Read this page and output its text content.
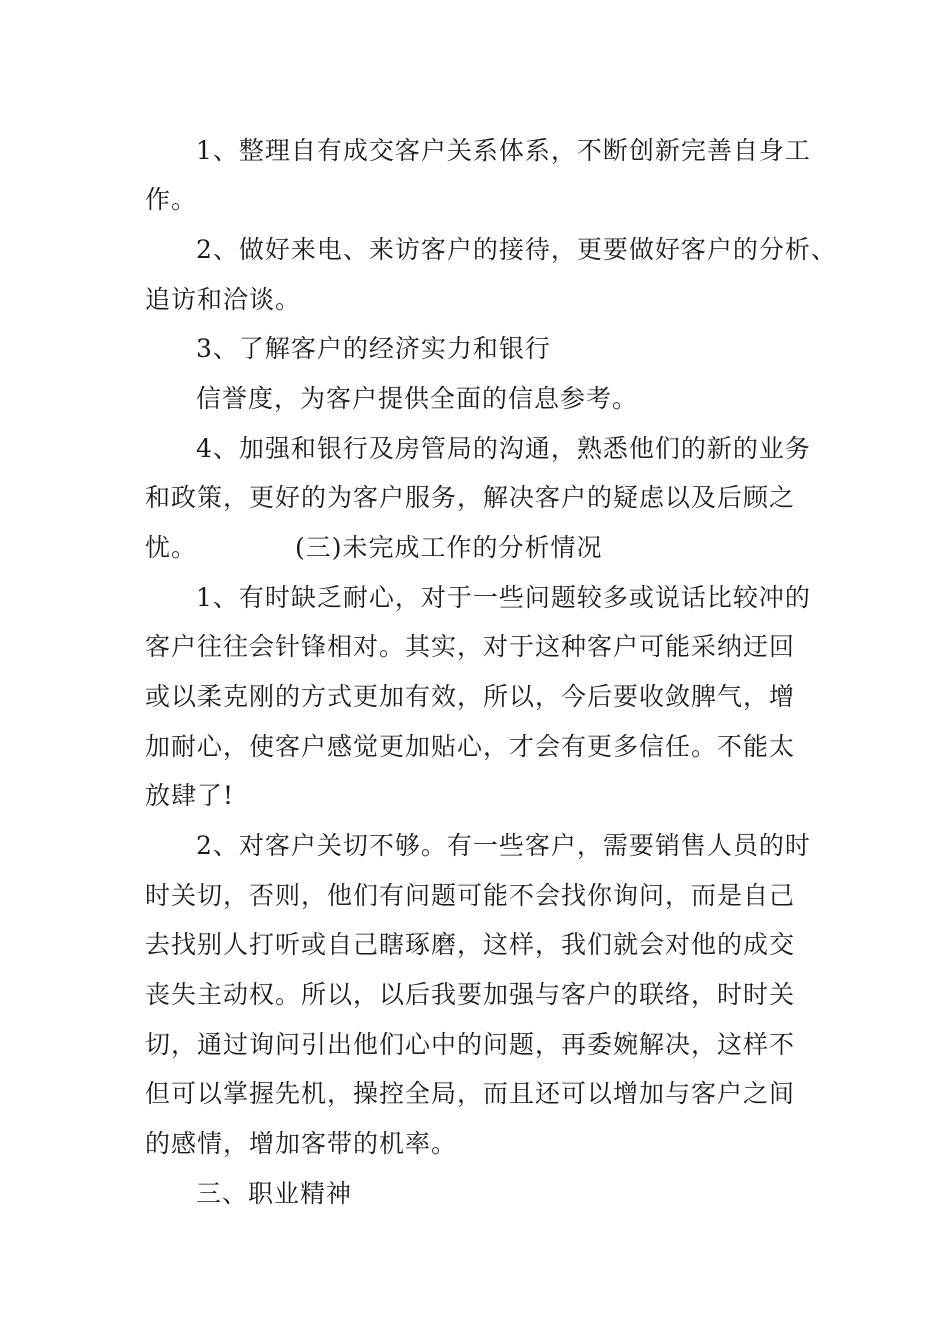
1、整理自有成交客户关系体系，不断创新完善自身工

作。

2、做好来电、来访客户的接待，更要做好客户的分析、

追访和洽谈。

3、了解客户的经济实力和银行

信誉度，为客户提供全面的信息参考。

4、加强和银行及房管局的沟通，熟悉他们的新的业务

和政策，更好的为客户服务，解决客户的疑虑以及后顾之

忧。	(三)未完成工作的分析情况

1、有时缺乏耐心，对于一些问题较多或说话比较冲的

客户往往会针锋相对。其实，对于这种客户可能采纳迂回

或以柔克刚的方式更加有效，所以，今后要收敛脾气，增

加耐心，使客户感觉更加贴心，才会有更多信任。不能太

放肆了!

2、对客户关切不够。有一些客户，需要销售人员的时

时关切，否则，他们有问题可能不会找你询问，而是自己

去找别人打听或自己瞎琢磨，这样，我们就会对他的成交

丧失主动权。所以，以后我要加强与客户的联络，时时关

切，通过询问引出他们心中的问题，再委婉解决，这样不

但可以掌握先机，操控全局，而且还可以增加与客户之间

的感情，增加客带的机率。

三、职业精神
